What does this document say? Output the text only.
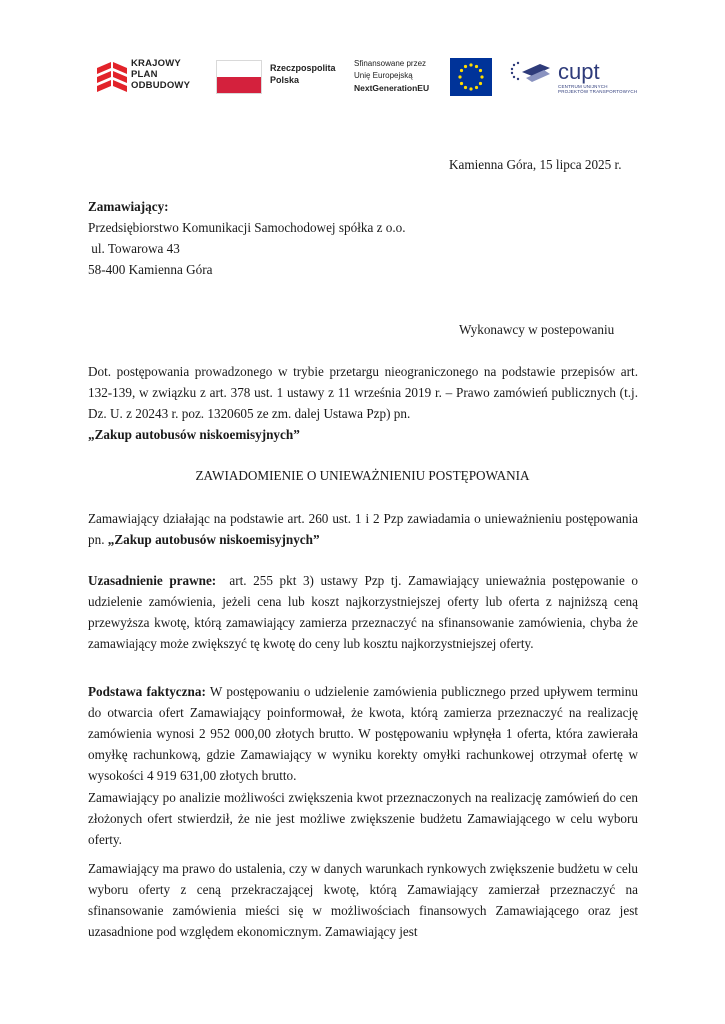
KRAJOWY
PLAN
ODBUDOWY
Rzeczpospolita
Polska
Sfinansowane przez
Unię Europejską
NextGenerationEU
cupt
CENTRUM UNIJNYCH PROJEKTÓW TRANSPORTOWYCH
Kamienna Góra, 15 lipca 2025 r.
Zamawiający:
Przedsiębiorstwo Komunikacji Samochodowej spółka z o.o.
ul. Towarowa 43
58-400 Kamienna Góra
Wykonawcy w postepowaniu
Dot. postępowania prowadzonego w trybie przetargu nieograniczonego na podstawie przepisów art. 132-139, w związku z art. 378 ust. 1 ustawy z 11 września 2019 r. – Prawo zamówień publicznych (t.j. Dz. U. z 20243 r. poz. 1320605 ze zm. dalej Ustawa Pzp) pn.
„Zakup autobusów niskoemisyjnych”
ZAWIADOMIENIE O UNIEWAŻNIENIU POSTĘPOWANIA
Zamawiający działając na podstawie art. 260 ust. 1 i 2 Pzp zawiadamia o unieważnieniu postępowania pn. „Zakup autobusów niskoemisyjnych”
Uzasadnienie prawne:  art. 255 pkt 3) ustawy Pzp tj. Zamawiający unieważnia postępowanie o udzielenie zamówienia, jeżeli cena lub koszt najkorzystniejszej oferty lub oferta z najniższą ceną przewyższa kwotę, którą zamawiający zamierza przeznaczyć na sfinansowanie zamówienia, chyba że zamawiający może zwiększyć tę kwotę do ceny lub kosztu najkorzystniejszej oferty.
Podstawa faktyczna: W postępowaniu o udzielenie zamówienia publicznego przed upływem terminu do otwarcia ofert Zamawiający poinformował, że kwota, którą zamierza przeznaczyć na realizację zamówienia wynosi 2 952 000,00 złotych brutto. W postępowaniu wpłynęła 1 oferta, która zawierała omyłkę rachunkową, gdzie Zamawiający w wyniku korekty omyłki rachunkowej otrzymał ofertę w wysokości 4 919 631,00 złotych brutto.
Zamawiający po analizie możliwości zwiększenia kwot przeznaczonych na realizację zamówień do cen złożonych ofert stwierdził, że nie jest możliwe zwiększenie budżetu Zamawiającego w celu wyboru oferty.
Zamawiający ma prawo do ustalenia, czy w danych warunkach rynkowych zwiększenie budżetu w celu wyboru oferty z ceną przekraczającej kwotę, którą Zamawiający zamierzał przeznaczyć na sfinansowanie zamówienia mieści się w możliwościach finansowych Zamawiającego oraz jest uzasadnione pod względem ekonomicznym. Zamawiający jest
